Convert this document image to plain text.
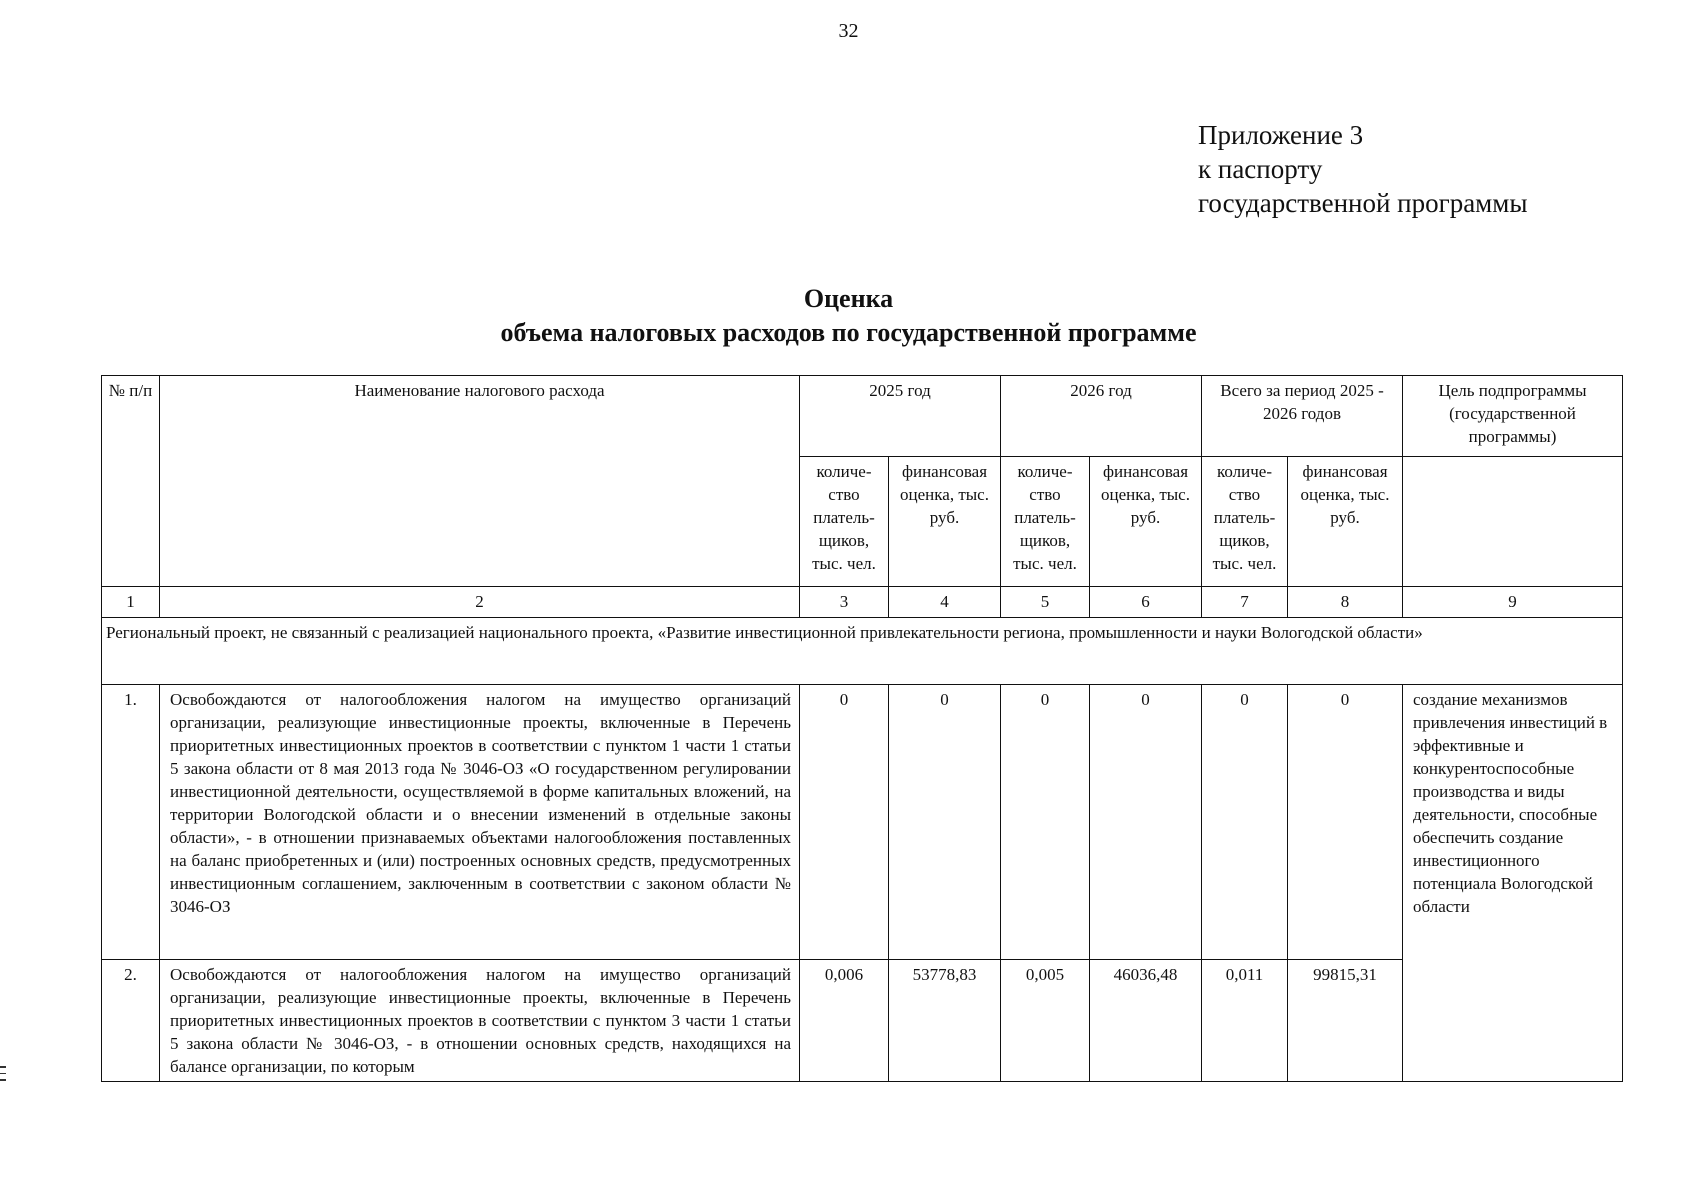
32
Приложение 3
к паспорту
государственной программы
Оценка
объема налоговых расходов по государственной программе
№ п/п	Наименование налогового расхода	2025 год		2026 год		Всего за период 2025 - 2026 годов		Цель подпрограммы (государственной программы)
		количе-ство платель-щиков, тыс. чел.	финансовая оценка, тыс. руб.	количе-ство платель-щиков, тыс. чел.	финансовая оценка, тыс. руб.	количе-ство платель-щиков, тыс. чел.	финансовая оценка, тыс. руб.	
1	2	3	4	5	6	7	8	9
Региональный проект, не связанный с реализацией национального проекта, «Развитие инвестиционной привлекательности региона, промышленности и науки Вологодской области»								
1.	Освобождаются от налогообложения налогом на имущество организаций организации, реализующие инвестиционные проекты, включенные в Перечень приоритетных инвестиционных проектов в соответствии с пунктом 1 части 1 статьи 5 закона области от 8 мая 2013 года № 3046-ОЗ «О государственном регулировании инвестиционной деятельности, осуществляемой в форме капитальных вложений, на территории Вологодской области и о внесении изменений в отдельные законы области», - в отношении признаваемых объектами налогообложения поставленных на баланс приобретенных и (или) построенных основных средств, предусмотренных инвестиционным соглашением, заключенным в соответствии с законом области № 3046-ОЗ	0	0	0	0	0	0	создание механизмов привлечения инвестиций в эффективные и конкурентоспособные производства и виды деятельности, способные обеспечить создание инвестиционного потенциала Вологодской области
2.	Освобождаются от налогообложения налогом на имущество организаций организации, реализующие инвестиционные проекты, включенные в Перечень приоритетных инвестиционных проектов в соответствии с пунктом 3 части 1 статьи 5 закона области № 3046-ОЗ, - в отношении основных средств, находящихся на балансе организации, по которым	0,006	53778,83	0,005	46036,48	0,011	99815,31	
